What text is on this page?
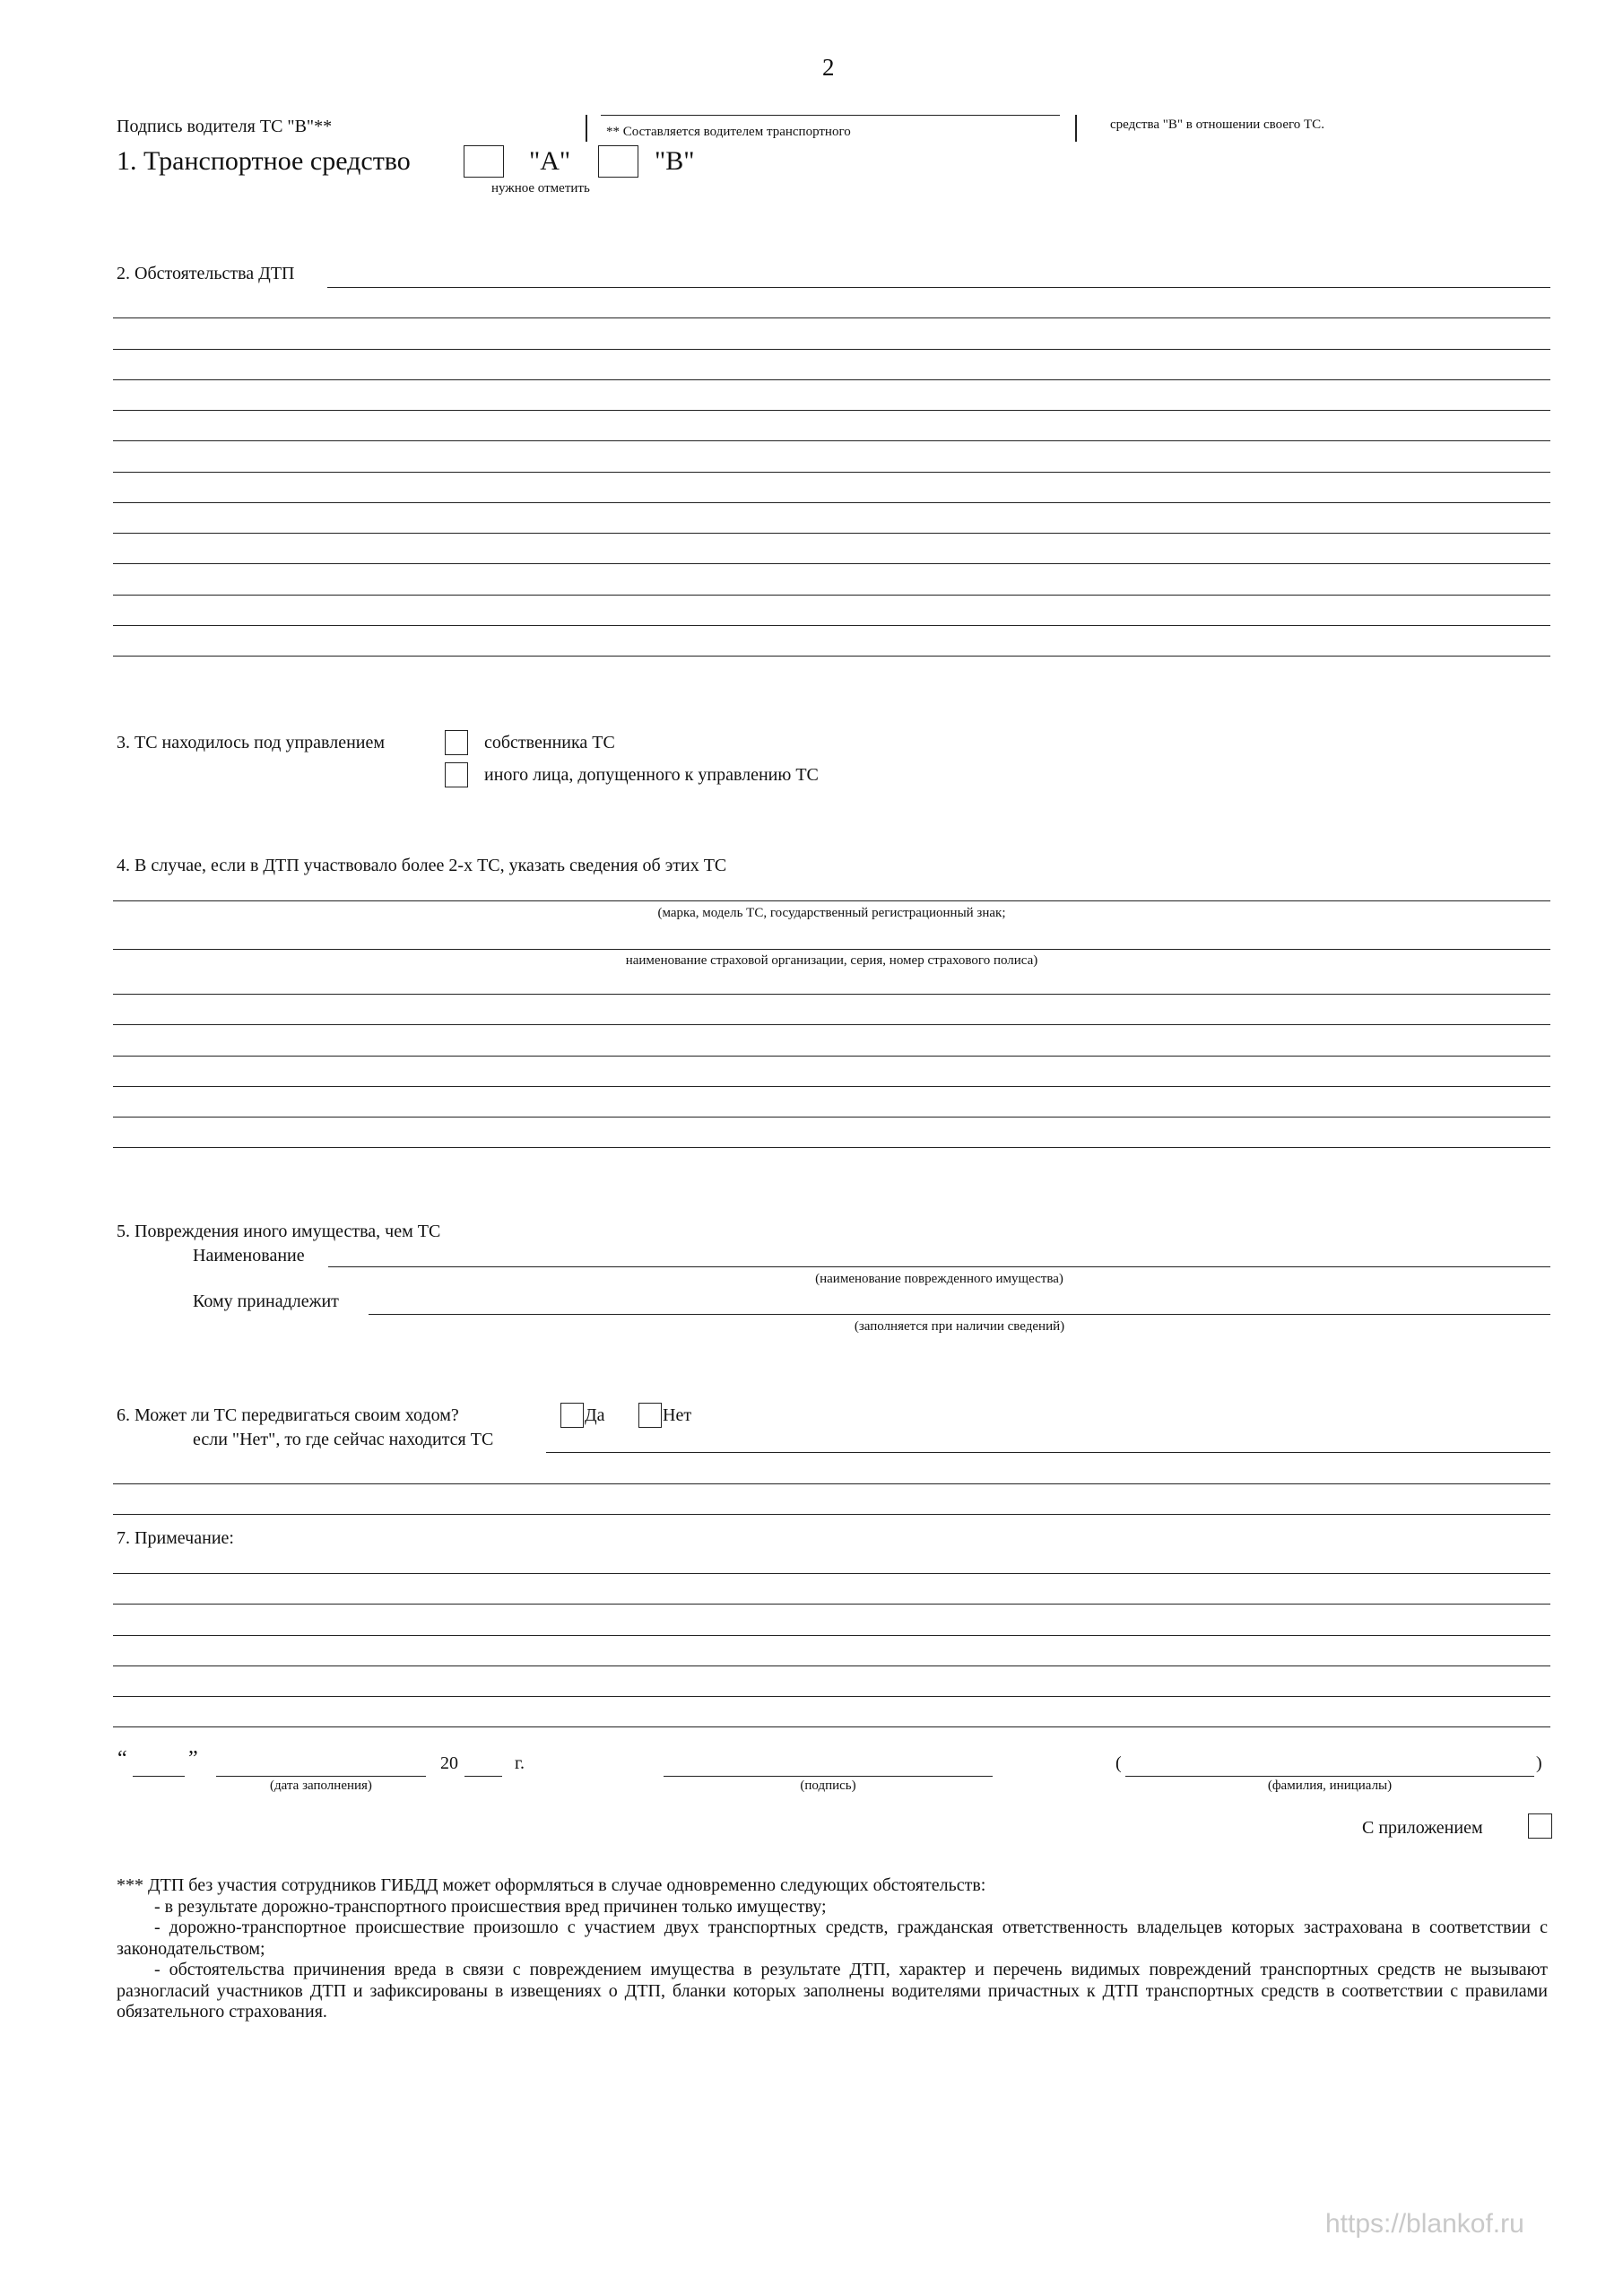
2
Подпись водителя ТС "В"**	** Составляется водителем транспортного	средства "В" в отношении своего ТС.
1. Транспортное средство	"А"	"В"
нужное отметить
2. Обстоятельства ДТП
3. ТС находилось под управлением	собственника ТС
иного лица, допущенного к управлению ТС
4. В случае, если в ДТП участвовало более 2-х ТС, указать сведения об этих ТС
(марка, модель ТС, государственный регистрационный знак;
наименование страховой организации, серия, номер страхового полиса)
5. Повреждения иного имущества, чем ТС
Наименование
(наименование поврежденного имущества)
Кому принадлежит
(заполняется при наличии сведений)
6. Может ли ТС передвигаться своим ходом?	Да	Нет
если "Нет", то где сейчас находится ТС
7. Примечание:
“	”
(дата заполнения)
20	г.
(подпись)
(
(фамилия, инициалы)
)
С приложением

*** ДТП без участия сотрудников ГИБДД может оформляться в случае одновременно следующих обстоятельств:

- в результате дорожно-транспортного происшествия вред причинен только имуществу;

- дорожно-транспортное происшествие произошло с участием двух транспортных средств, гражданская ответственность владельцев которых застрахована в соответствии с законодательством;

- обстоятельства причинения вреда в связи с повреждением имущества в результате ДТП, характер и перечень видимых повреждений транспортных средств не вызывают разногласий участников ДТП и зафиксированы в извещениях о ДТП, бланки которых заполнены водителями причастных к ДТП транспортных средств в соответствии с правилами обязательного страхования.

https://blankof.ru
